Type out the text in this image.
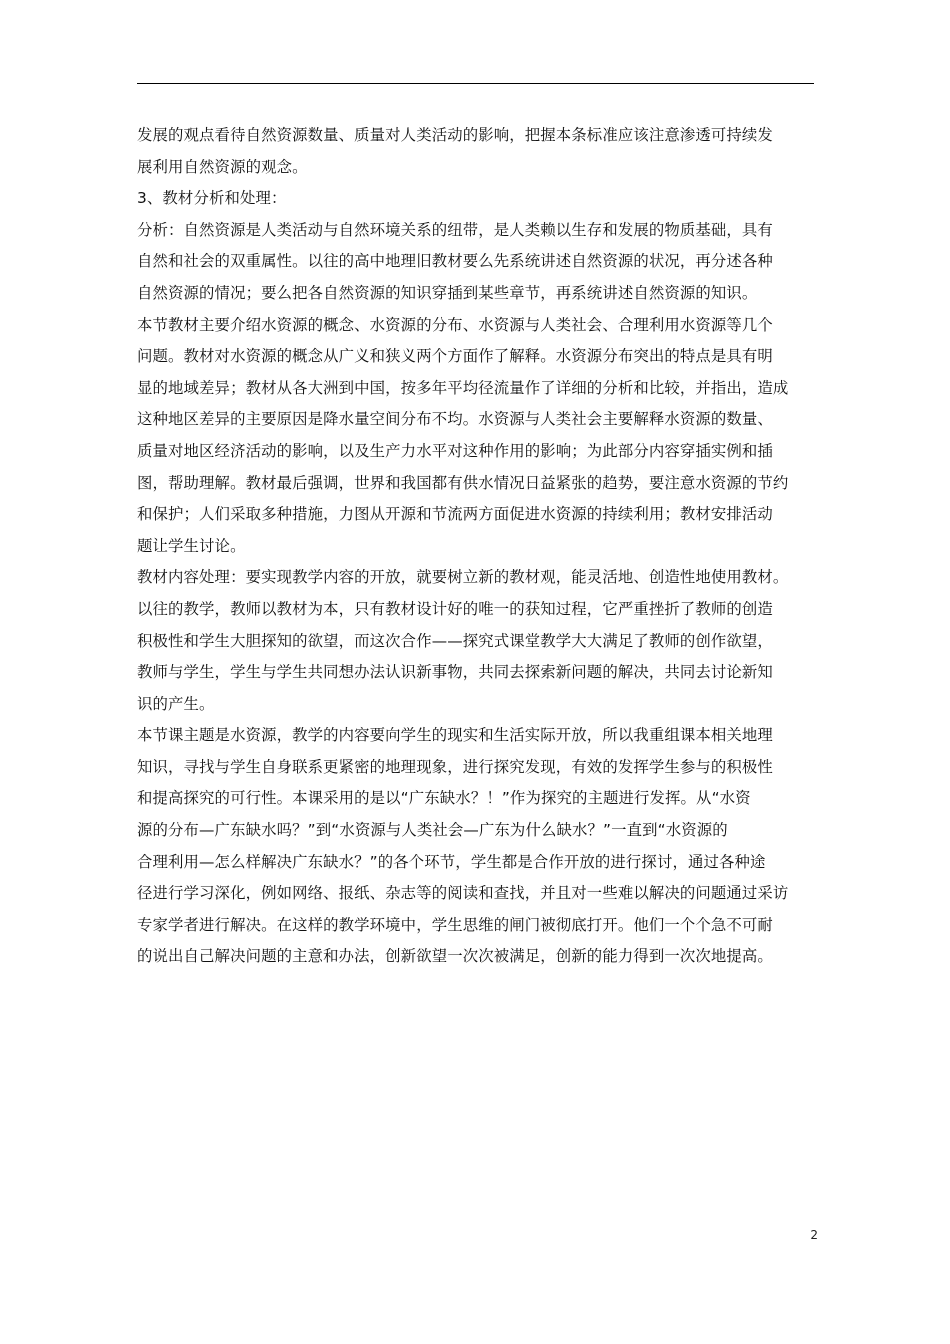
发展的观点看待自然资源数量、质量对人类活动的影响，把握本条标准应该注意渗透可持续发
展利用自然资源的观念。
3、教材分析和处理：
分析：自然资源是人类活动与自然环境关系的纽带，是人类赖以生存和发展的物质基础，具有
自然和社会的双重属性。以往的高中地理旧教材要么先系统讲述自然资源的状况，再分述各种
自然资源的情况；要么把各自然资源的知识穿插到某些章节，再系统讲述自然资源的知识。
本节教材主要介绍水资源的概念、水资源的分布、水资源与人类社会、合理利用水资源等几个
问题。教材对水资源的概念从广义和狭义两个方面作了解释。水资源分布突出的特点是具有明
显的地域差异；教材从各大洲到中国，按多年平均径流量作了详细的分析和比较，并指出，造成
这种地区差异的主要原因是降水量空间分布不均。水资源与人类社会主要解释水资源的数量、
质量对地区经济活动的影响，以及生产力水平对这种作用的影响；为此部分内容穿插实例和插
图，帮助理解。教材最后强调，世界和我国都有供水情况日益紧张的趋势，要注意水资源的节约
和保护；人们采取多种措施，力图从开源和节流两方面促进水资源的持续利用；教材安排活动
题让学生讨论。
教材内容处理：要实现教学内容的开放，就要树立新的教材观，能灵活地、创造性地使用教材。
以往的教学，教师以教材为本，只有教材设计好的唯一的获知过程，它严重挫折了教师的创造
积极性和学生大胆探知的欲望，而这次合作——探究式课堂教学大大满足了教师的创作欲望，
教师与学生，学生与学生共同想办法认识新事物，共同去探索新问题的解决，共同去讨论新知
识的产生。
本节课主题是水资源，教学的内容要向学生的现实和生活实际开放，所以我重组课本相关地理
知识，寻找与学生自身联系更紧密的地理现象，进行探究发现，有效的发挥学生参与的积极性
和提高探究的可行性。本课采用的是以“广东缺水？！”作为探究的主题进行发挥。从“水资
源的分布—广东缺水吗？”到“水资源与人类社会—广东为什么缺水？”一直到“水资源的
合理利用—怎么样解决广东缺水？”的各个环节，学生都是合作开放的进行探讨，通过各种途
径进行学习深化，例如网络、报纸、杂志等的阅读和查找，并且对一些难以解决的问题通过采访
专家学者进行解决。在这样的教学环境中，学生思维的闸门被彻底打开。他们一个个急不可耐
的说出自己解决问题的主意和办法，创新欲望一次次被满足，创新的能力得到一次次地提高。
2
